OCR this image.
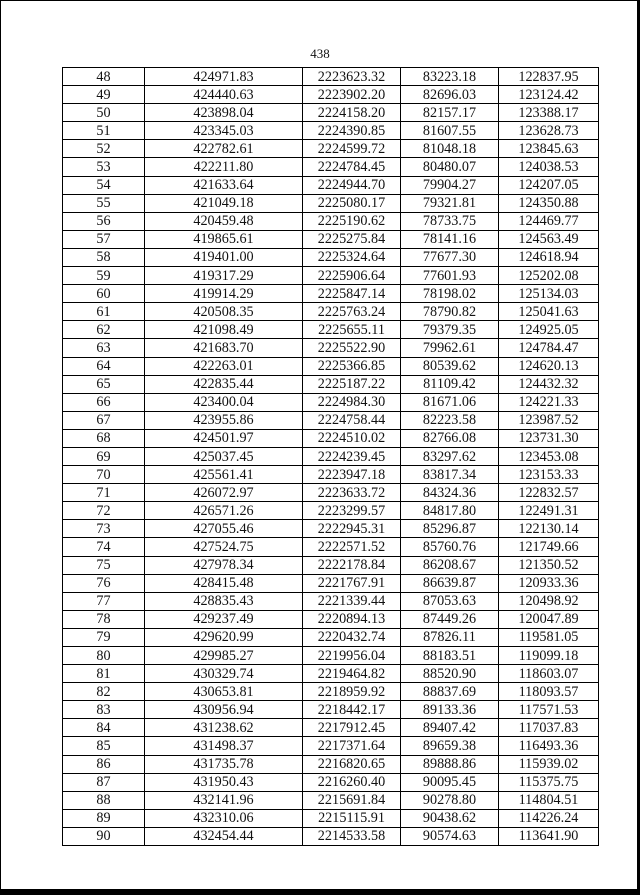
438
48	424971.83	2223623.32	83223.18	122837.95
49	424440.63	2223902.20	82696.03	123124.42
50	423898.04	2224158.20	82157.17	123388.17
51	423345.03	2224390.85	81607.55	123628.73
52	422782.61	2224599.72	81048.18	123845.63
53	422211.80	2224784.45	80480.07	124038.53
54	421633.64	2224944.70	79904.27	124207.05
55	421049.18	2225080.17	79321.81	124350.88
56	420459.48	2225190.62	78733.75	124469.77
57	419865.61	2225275.84	78141.16	124563.49
58	419401.00	2225324.64	77677.30	124618.94
59	419317.29	2225906.64	77601.93	125202.08
60	419914.29	2225847.14	78198.02	125134.03
61	420508.35	2225763.24	78790.82	125041.63
62	421098.49	2225655.11	79379.35	124925.05
63	421683.70	2225522.90	79962.61	124784.47
64	422263.01	2225366.85	80539.62	124620.13
65	422835.44	2225187.22	81109.42	124432.32
66	423400.04	2224984.30	81671.06	124221.33
67	423955.86	2224758.44	82223.58	123987.52
68	424501.97	2224510.02	82766.08	123731.30
69	425037.45	2224239.45	83297.62	123453.08
70	425561.41	2223947.18	83817.34	123153.33
71	426072.97	2223633.72	84324.36	122832.57
72	426571.26	2223299.57	84817.80	122491.31
73	427055.46	2222945.31	85296.87	122130.14
74	427524.75	2222571.52	85760.76	121749.66
75	427978.34	2222178.84	86208.67	121350.52
76	428415.48	2221767.91	86639.87	120933.36
77	428835.43	2221339.44	87053.63	120498.92
78	429237.49	2220894.13	87449.26	120047.89
79	429620.99	2220432.74	87826.11	119581.05
80	429985.27	2219956.04	88183.51	119099.18
81	430329.74	2219464.82	88520.90	118603.07
82	430653.81	2218959.92	88837.69	118093.57
83	430956.94	2218442.17	89133.36	117571.53
84	431238.62	2217912.45	89407.42	117037.83
85	431498.37	2217371.64	89659.38	116493.36
86	431735.78	2216820.65	89888.86	115939.02
87	431950.43	2216260.40	90095.45	115375.75
88	432141.96	2215691.84	90278.80	114804.51
89	432310.06	2215115.91	90438.62	114226.24
90	432454.44	2214533.58	90574.63	113641.90
